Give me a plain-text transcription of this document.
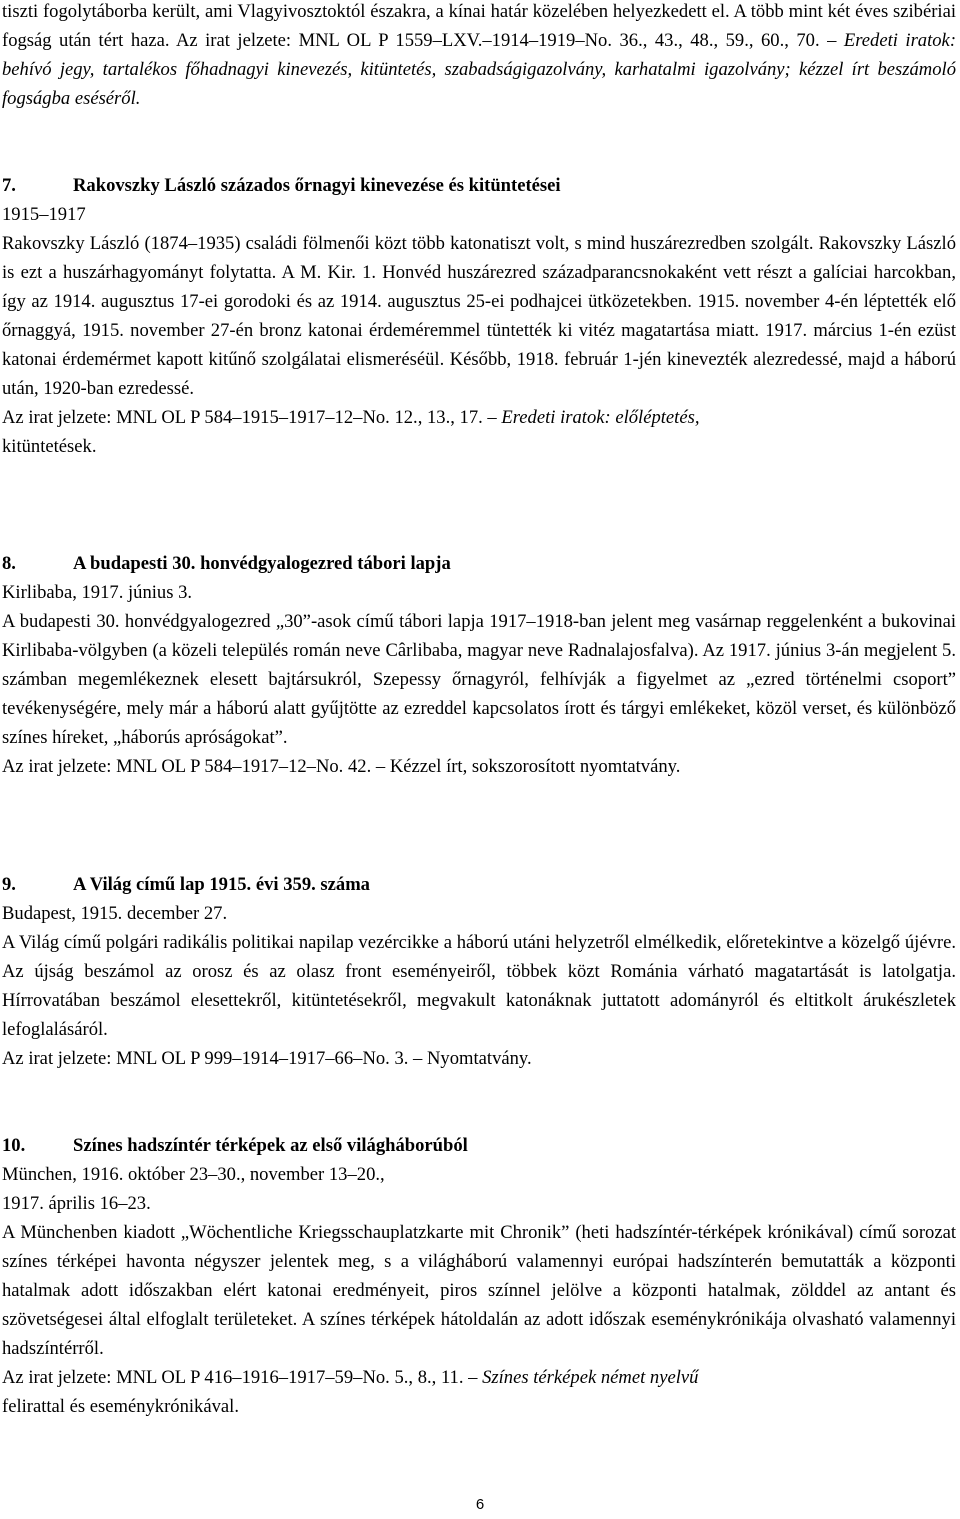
tiszti fogolytáborba került, ami Vlagyivosztoktól északra, a kínai határ közelében helyezkedett el. A több mint két éves szibériai fogság után tért haza. Az irat jelzete: MNL OL P 1559–LXV.–1914–1919–No. 36., 43., 48., 59., 60., 70. – Eredeti iratok: behívó jegy, tartalékos főhadnagyi kinevezés, kitüntetés, szabadságigazolvány, karhatalmi igazolvány; kézzel írt beszámoló fogságba eséséről.

7.	Rakovszky László százados őrnagyi kinevezése és kitüntetései

1915–1917

Rakovszky László (1874–1935) családi fölmenői közt több katonatiszt volt, s mind huszárezredben szolgált. Rakovszky László is ezt a huszárhagyományt folytatta. A M. Kir. 1. Honvéd huszárezred századparancsnokaként vett részt a galíciai harcokban, így az 1914. augusztus 17-ei gorodoki és az 1914. augusztus 25-ei podhajcei ütközetekben. 1915. november 4-én léptették elő őrnaggyá, 1915. november 27-én bronz katonai érdeméremmel tüntették ki vitéz magatartása miatt. 1917. március 1-én ezüst katonai érdemérmet kapott kitűnő szolgálatai elismeréséül. Később, 1918. február 1-jén kinevezték alezredessé, majd a háború után, 1920-ban ezredessé.

Az irat jelzete: MNL OL P 584–1915–1917–12–No. 12., 13., 17. – Eredeti iratok: előléptetés,

kitüntetések.

8.	A budapesti 30. honvédgyalogezred tábori lapja

Kirlibaba, 1917. június 3.

A budapesti 30. honvédgyalogezred „30”-asok című tábori lapja 1917–1918-ban jelent meg vasárnap reggelenként a bukovinai Kirlibaba-völgyben (a közeli település román neve Cârlibaba, magyar neve Radnalajosfalva). Az 1917. június 3-án megjelent 5. számban megemlékeznek elesett bajtársukról, Szepessy őrnagyról, felhívják a figyelmet az „ezred történelmi csoport” tevékenységére, mely már a háború alatt gyűjtötte az ezreddel kapcsolatos írott és tárgyi emlékeket, közöl verset, és különböző színes híreket, „háborús apróságokat”.

Az irat jelzete: MNL OL P 584–1917–12–No. 42. – Kézzel írt, sokszorosított nyomtatvány.

9.	A Világ című lap 1915. évi 359. száma

Budapest, 1915. december 27.

A Világ című polgári radikális politikai napilap vezércikke a háború utáni helyzetről elmélkedik, előretekintve a közelgő újévre. Az újság beszámol az orosz és az olasz front eseményeiről, többek közt Románia várható magatartását is latolgatja. Hírrovatában beszámol elesettekről, kitüntetésekről, megvakult katonáknak juttatott adományról és eltitkolt árukészletek lefoglalásáról.

Az irat jelzete: MNL OL P 999–1914–1917–66–No. 3. – Nyomtatvány.

10.	Színes hadszíntér térképek az első világháborúból

München, 1916. október 23–30., november 13–20.,

1917. április 16–23.

A Münchenben kiadott „Wöchentliche Kriegsschauplatzkarte mit Chronik” (heti hadszíntér-térképek krónikával) című sorozat színes térképei havonta négyszer jelentek meg, s a világháború valamennyi európai hadszínterén bemutatták a központi hatalmak adott időszakban elért katonai eredményeit, piros színnel jelölve a központi hatalmak, zölddel az antant és szövetségesei által elfoglalt területeket. A színes térképek hátoldalán az adott időszak eseménykrónikája olvasható valamennyi hadszíntérről.

Az irat jelzete: MNL OL P 416–1916–1917–59–No. 5., 8., 11. – Színes térképek német nyelvű

felirattal és eseménykrónikával.

6
